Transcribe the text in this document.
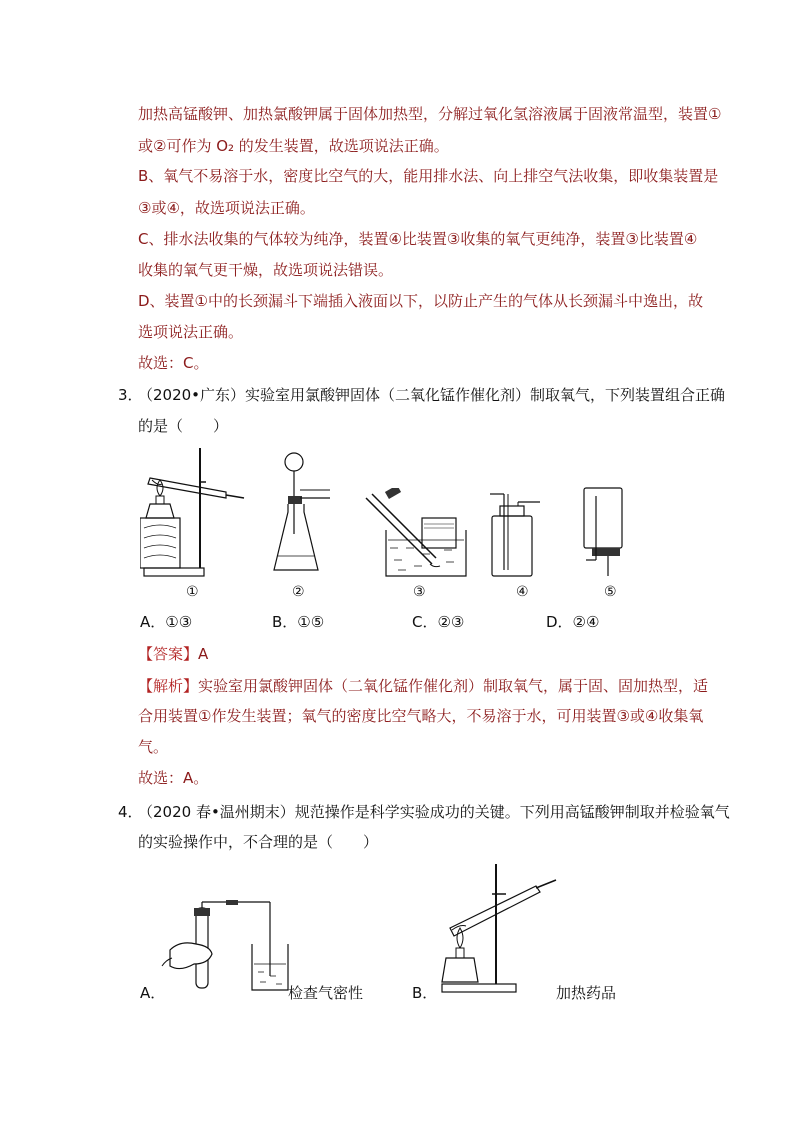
加热高锰酸钾、加热氯酸钾属于固体加热型，分解过氧化氢溶液属于固液常温型，装置①
或②可作为 O₂ 的发生装置，故选项说法正确。
B、氧气不易溶于水，密度比空气的大，能用排水法、向上排空气法收集，即收集装置是
③或④，故选项说法正确。
C、排水法收集的气体较为纯净，装置④比装置③收集的氧气更纯净，装置③比装置④
收集的氧气更干燥，故选项说法错误。
D、装置①中的长颈漏斗下端插入液面以下，以防止产生的气体从长颈漏斗中逸出，故
选项说法正确。
故选：C。
3．
（2020•广东）实验室用氯酸钾固体（二氧化锰作催化剂）制取氧气，下列装置组合正确
的是（　　）
①	②	③	④	⑤
A．①③	B．①⑤	C．②③	D．②④
【答案】A
【解析】实验室用氯酸钾固体（二氧化锰作催化剂）制取氧气，属于固、固加热型，适
合用装置①作发生装置；氧气的密度比空气略大，不易溶于水，可用装置③或④收集氧
气。
故选：A。
4．
（2020 春•温州期末）规范操作是科学实验成功的关键。下列用高锰酸钾制取并检验氧气
的实验操作中，不合理的是（　　）
A．	检查气密性	B．	加热药品
